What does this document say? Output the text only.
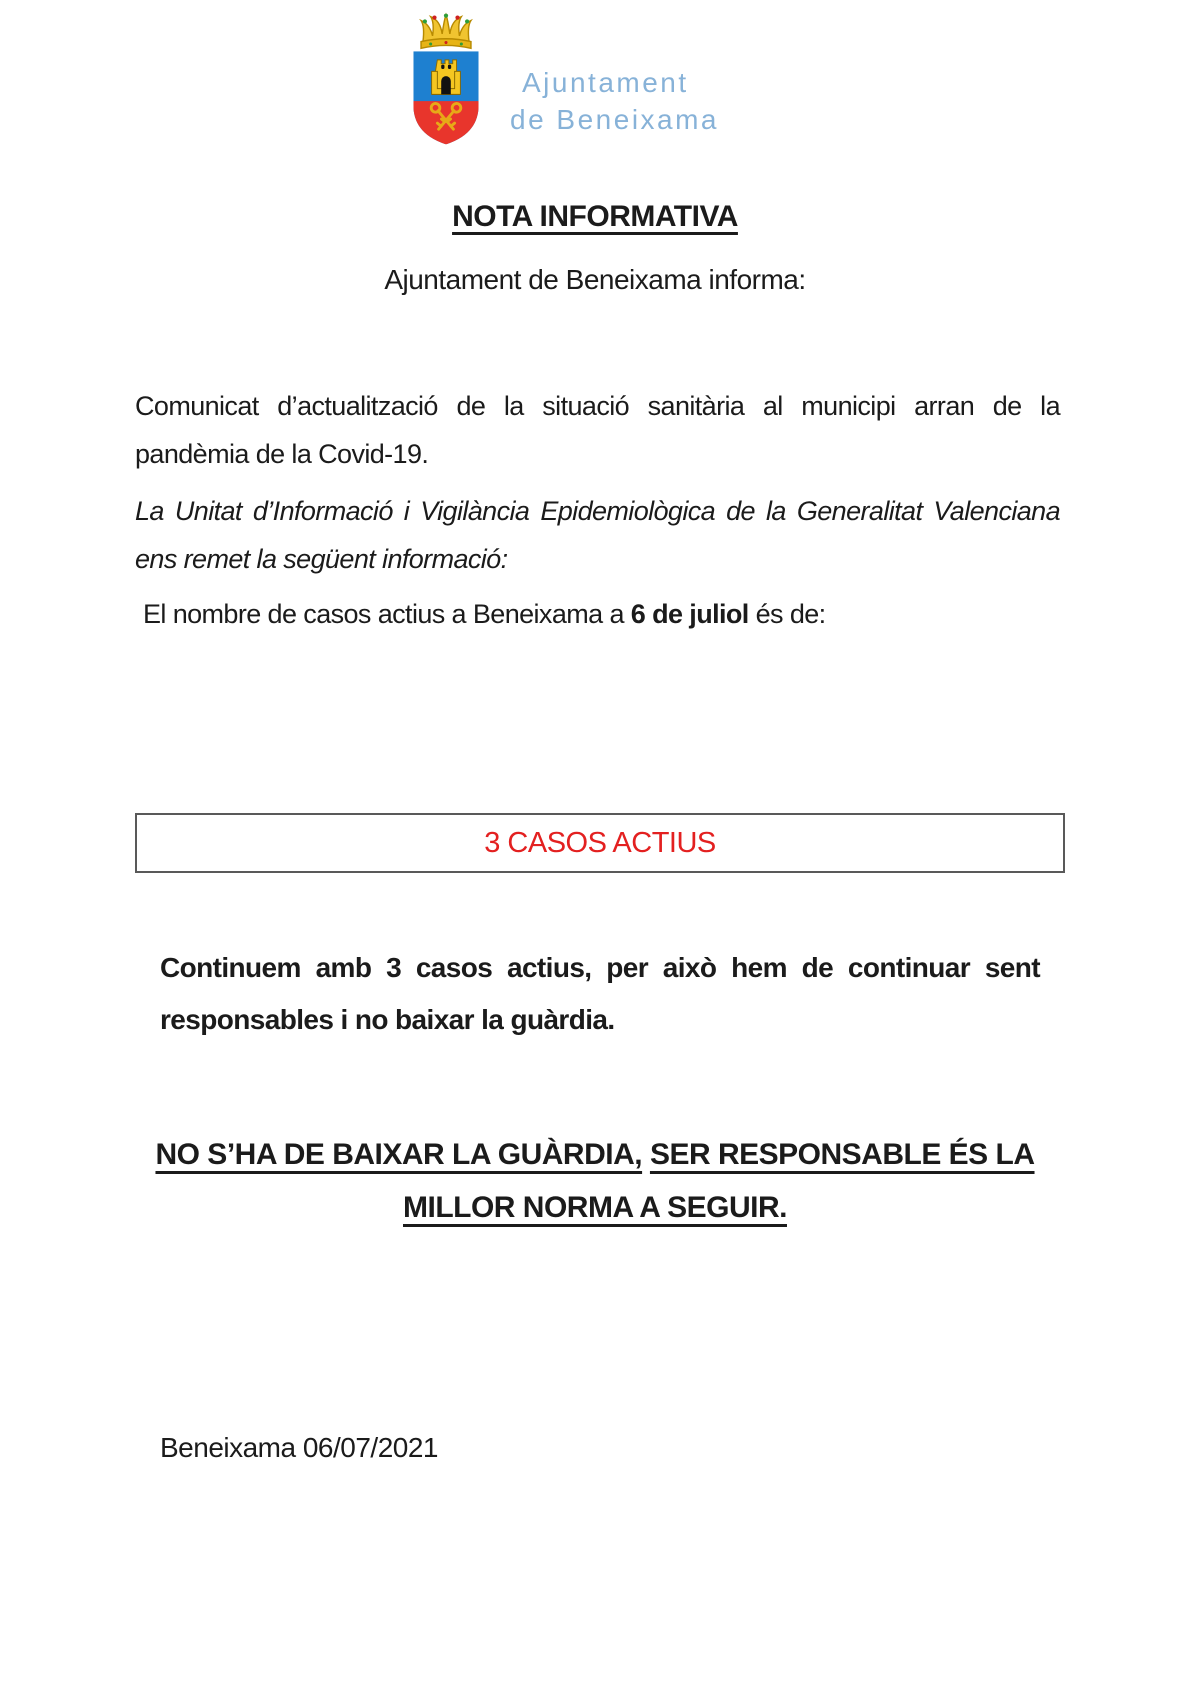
Ajuntament
de Beneixama
NOTA INFORMATIVA
Ajuntament de Beneixama informa:
Comunicat d’actualització de la situació sanitària al municipi arran de la pandèmia de la Covid-19.
La Unitat d’Informació i Vigilància Epidemiològica de la Generalitat Valenciana ens remet la següent informació:
El nombre de casos actius a Beneixama a 6 de juliol és de:
3 CASOS ACTIUS
Continuem amb 3 casos actius, per això hem de continuar sent responsables i no baixar la guàrdia.
NO S’HA DE BAIXAR LA GUÀRDIA, SER RESPONSABLE ÉS LA MILLOR NORMA A SEGUIR.
Beneixama 06/07/2021
